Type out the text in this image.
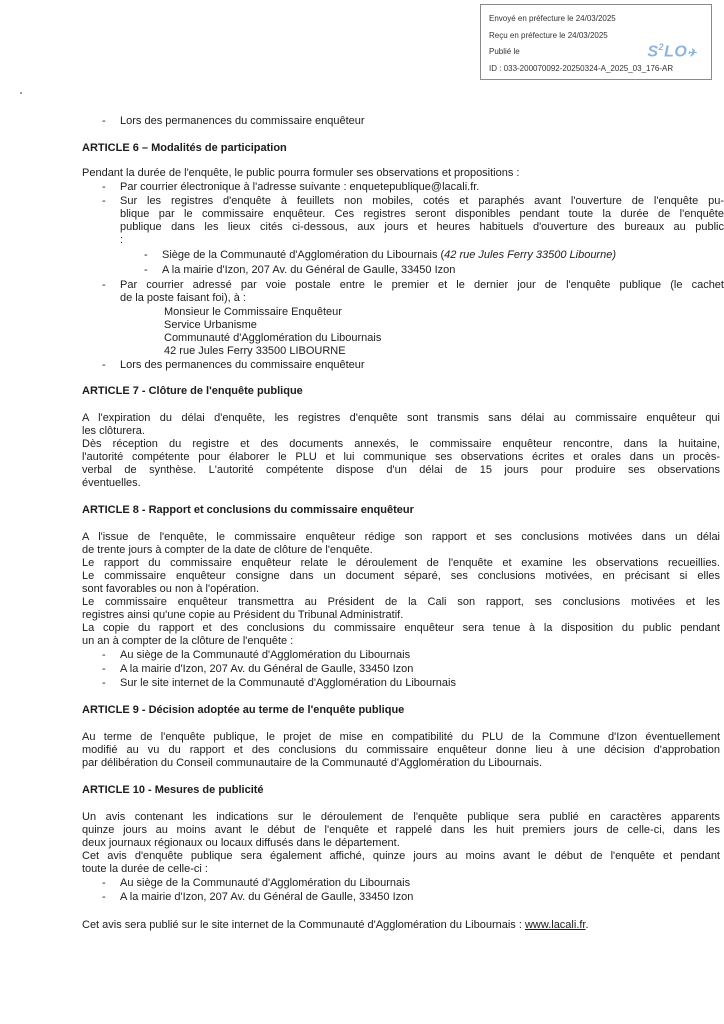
Envoyé en préfecture le 24/03/2025
Reçu en préfecture le 24/03/2025
Publié le
ID : 033-200070092-20250324-A_2025_03_176-AR
$S^2LO✈$
- Lors des permanences du commissaire enquêteur
ARTICLE 6 – Modalités de participation
Pendant la durée de l'enquête, le public pourra formuler ses observations et propositions :
- Par courrier électronique à l'adresse suivante : enquetepublique@lacali.fr.
-	Sur les registres d'enquête à feuillets non mobiles, cotés et paraphés avant l'ouverture de l'enquête pu-
blique par le commissaire enquêteur. Ces registres seront disponibles pendant toute la durée de l'enquête
publique dans les lieux cités ci-dessous, aux jours et heures habituels d'ouverture des bureaux au public
:
- Siège de la Communauté d'Agglomération du Libournais (42 rue Jules Ferry 33500 Libourne)
- A la mairie d'Izon, 207 Av. du Général de Gaulle, 33450 Izon
-	Par courrier adressé par voie postale entre le premier et le dernier jour de l'enquête publique (le cachet
de la poste faisant foi), à :
Monsieur le Commissaire Enquêteur
Service Urbanisme
Communauté d'Agglomération du Libournais
42 rue Jules Ferry 33500 LIBOURNE
- Lors des permanences du commissaire enquêteur
ARTICLE 7 - Clôture de l'enquête publique
A l'expiration du délai d'enquête, les registres d'enquête sont transmis sans délai au commissaire enquêteur qui
les clôturera.
Dès réception du registre et des documents annexés, le commissaire enquêteur rencontre, dans la huitaine,
l'autorité compétente pour élaborer le PLU et lui communique ses observations écrites et orales dans un procès-
verbal de synthèse. L'autorité compétente dispose d'un délai de 15 jours pour produire ses observations
éventuelles.
ARTICLE 8 - Rapport et conclusions du commissaire enquêteur
A l'issue de l'enquête, le commissaire enquêteur rédige son rapport et ses conclusions motivées dans un délai
de trente jours à compter de la date de clôture de l'enquête.
Le rapport du commissaire enquêteur relate le déroulement de l'enquête et examine les observations recueillies.
Le commissaire enquêteur consigne dans un document séparé, ses conclusions motivées, en précisant si elles
sont favorables ou non à l'opération.
Le commissaire enquêteur transmettra au Président de la Cali son rapport, ses conclusions motivées et les
registres ainsi qu'une copie au Président du Tribunal Administratif.
La copie du rapport et des conclusions du commissaire enquêteur sera tenue à la disposition du public pendant
un an à compter de la clôture de l'enquête :
- Au siège de la Communauté d'Agglomération du Libournais
- A la mairie d'Izon, 207 Av. du Général de Gaulle, 33450 Izon
- Sur le site internet de la Communauté d'Agglomération du Libournais
ARTICLE 9 - Décision adoptée au terme de l'enquête publique
Au terme de l'enquête publique, le projet de mise en compatibilité du PLU de la Commune d'Izon éventuellement
modifié au vu du rapport et des conclusions du commissaire enquêteur donne lieu à une décision d'approbation
par délibération du Conseil communautaire de la Communauté d'Agglomération du Libournais.
ARTICLE 10 - Mesures de publicité
Un avis contenant les indications sur le déroulement de l'enquête publique sera publié en caractères apparents
quinze jours au moins avant le début de l'enquête et rappelé dans les huit premiers jours de celle-ci, dans les
deux journaux régionaux ou locaux diffusés dans le département.
Cet avis d'enquête publique sera également affiché, quinze jours au moins avant le début de l'enquête et pendant
toute la durée de celle-ci :
- Au siège de la Communauté d'Agglomération du Libournais
- A la mairie d'Izon, 207 Av. du Général de Gaulle, 33450 Izon
Cet avis sera publié sur le site internet de la Communauté d'Agglomération du Libournais : www.lacali.fr.
